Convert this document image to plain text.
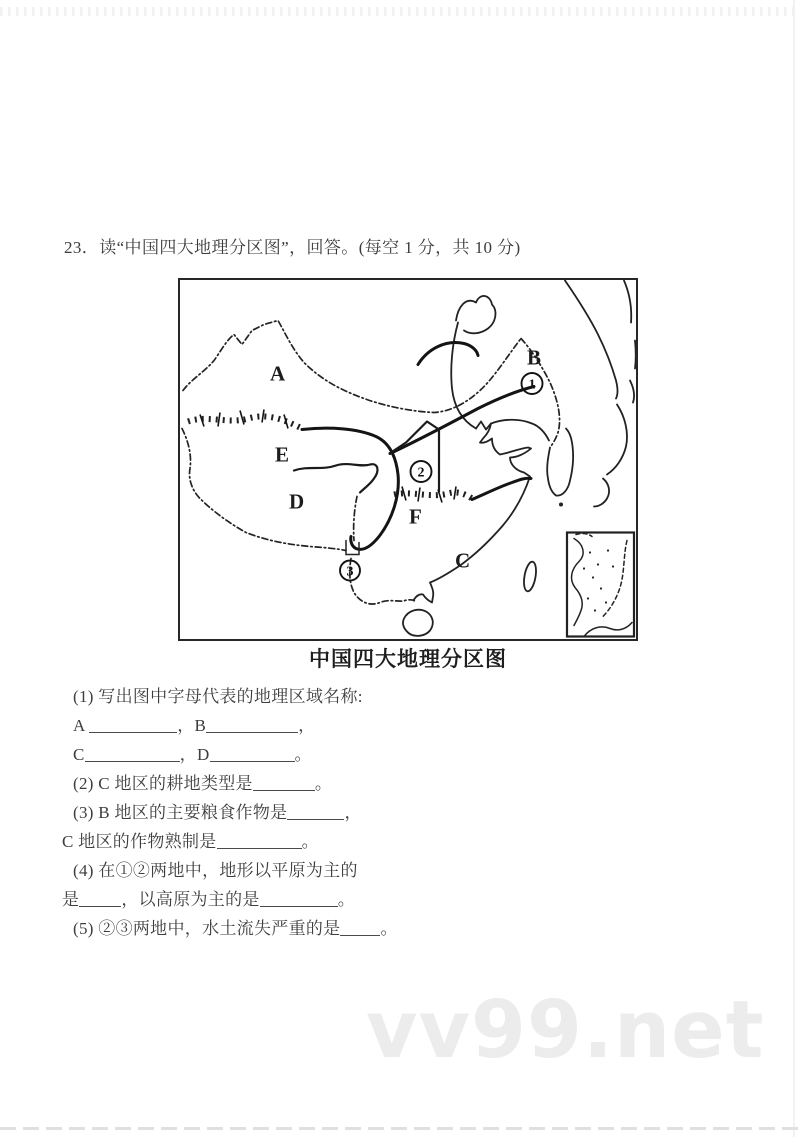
23．读“中国四大地理分区图”，回答。(每空 1 分，共 10 分)
A
B
C
D
E
F
1
2
3
中国四大地理分区图
(1) 写出图中字母代表的地理区域名称:
A	，B	，
C	，D	。
(2) C 地区的耕地类型是	。
(3) B 地区的主要粮食作物是	，
C 地区的作物熟制是	。
(4) 在①②两地中，地形以平原为主的
是 ，以高原为主的是	。
(5) ②③两地中，水土流失严重的是 。
vv99.net
